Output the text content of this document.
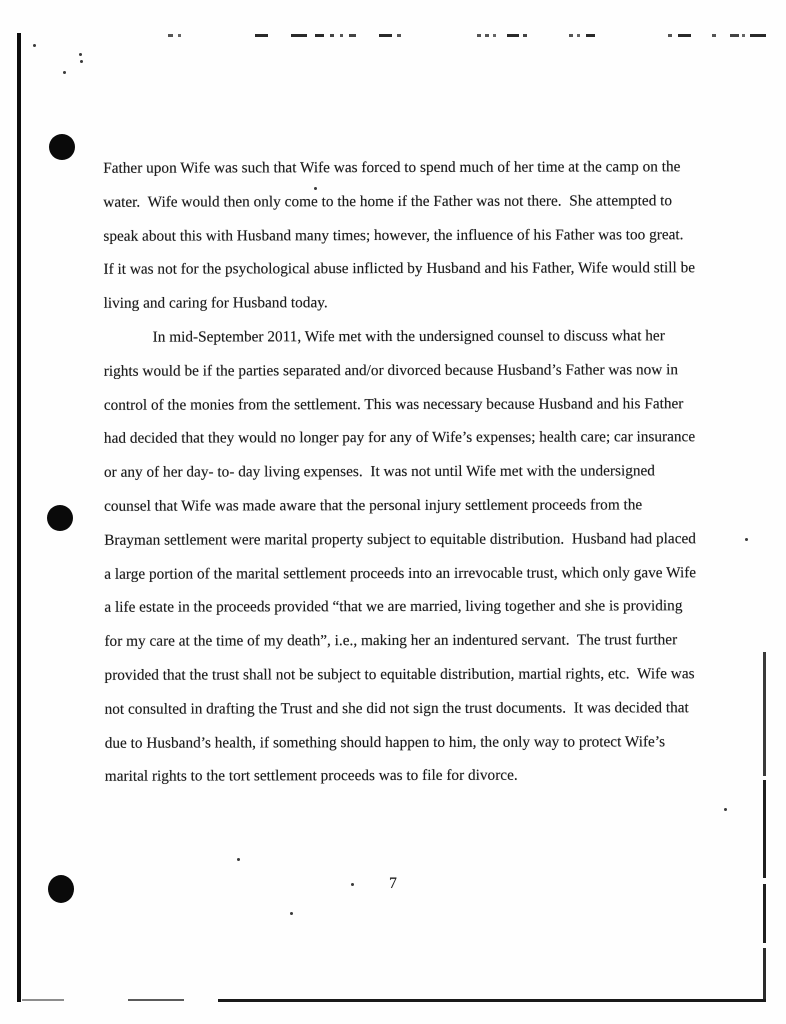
Father upon Wife was such that Wife was forced to spend much of her time at the camp on the
water.  Wife would then only come to the home if the Father was not there.  She attempted to
speak about this with Husband many times; however, the influence of his Father was too great.
If it was not for the psychological abuse inflicted by Husband and his Father, Wife would still be
living and caring for Husband today.
In mid-September 2011, Wife met with the undersigned counsel to discuss what her
rights would be if the parties separated and/or divorced because Husband’s Father was now in
control of the monies from the settlement. This was necessary because Husband and his Father
had decided that they would no longer pay for any of Wife’s expenses; health care; car insurance
or any of her day- to- day living expenses.  It was not until Wife met with the undersigned
counsel that Wife was made aware that the personal injury settlement proceeds from the
Brayman settlement were marital property subject to equitable distribution.  Husband had placed
a large portion of the marital settlement proceeds into an irrevocable trust, which only gave Wife
a life estate in the proceeds provided “that we are married, living together and she is providing
for my care at the time of my death”, i.e., making her an indentured servant.  The trust further
provided that the trust shall not be subject to equitable distribution, martial rights, etc.  Wife was
not consulted in drafting the Trust and she did not sign the trust documents.  It was decided that
due to Husband’s health, if something should happen to him, the only way to protect Wife’s
marital rights to the tort settlement proceeds was to file for divorce.
7
